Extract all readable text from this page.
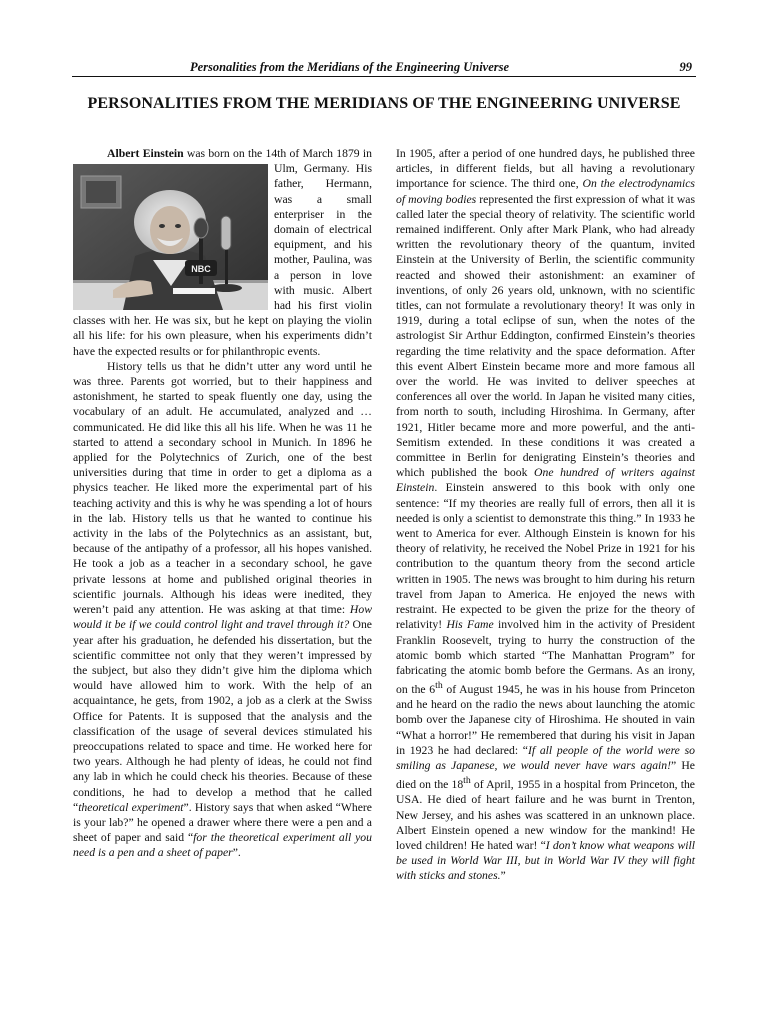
Personalities from the Meridians of the Engineering Universe	99
PERSONALITIES FROM THE MERIDIANS OF THE ENGINEERING UNIVERSE

Albert Einstein
NBC
was born on the 14th of March 1879 in Ulm, Germany. His father, Hermann, was a small enterpriser in the domain of electrical equipment, and his mother, Paulina, was a person in love with music. Albert had his first violin classes with her. He was six, but he kept on playing the violin all his life: for his own pleasure, when his experiments didn’t have the expected results or for philanthropic events.

History tells us that he didn’t utter any word until he was three. Parents got worried, but to their happiness and astonishment, he started to speak fluently one day, using the vocabulary of an adult. He accumulated, analyzed and … communicated. He did like this all his life. When he was 11 he started to attend a secondary school in Munich. In 1896 he applied for the Polytechnics of Zurich, one of the best universities during that time in order to get a diploma as a physics teacher. He liked more the experimental part of his teaching activity and this is why he was spending a lot of hours in the lab. History tells us that he wanted to continue his activity in the labs of the Polytechnics as an assistant, but, because of the antipathy of a professor, all his hopes vanished. He took a job as a teacher in a secondary school, he gave private lessons at home and published original theories in scientific journals. Although his ideas were inedited, they weren’t paid any attention. He was asking at that time: How would it be if we could control light and travel through it? One year after his graduation, he defended his dissertation, but the scientific committee not only that they weren’t impressed by the subject, but also they didn’t give him the diploma which would have allowed him to work. With the help of an acquaintance, he gets, from 1902, a job as a clerk at the Swiss Office for Patents. It is supposed that the analysis and the classification of the usage of several devices stimulated his preoccupations related to space and time. He worked here for two years. Although he had plenty of ideas, he could not find any lab in which he could check his theories. Because of these conditions, he had to develop a method that he called “theoretical experiment”. History says that when asked “Where is your lab?” he opened a drawer where there were a pen and a sheet of paper and said “for the theoretical experiment all you need is a pen and a sheet of paper”.

In 1905, after a period of one hundred days, he published three articles, in different fields, but all having a revolutionary importance for science. The third one, On the electrodynamics of moving bodies represented the first expression of what it was called later the special theory of relativity. The scientific world remained indifferent. Only after Mark Plank, who had already written the revolutionary theory of the quantum, invited Einstein at the University of Berlin, the scientific community reacted and showed their astonishment: an examiner of inventions, of only 26 years old, unknown, with no scientific titles, can not formulate a revolutionary theory! It was only in 1919, during a total eclipse of sun, when the notes of the astrologist Sir Arthur Eddington, confirmed Einstein’s theories regarding the time relativity and the space deformation. After this event Albert Einstein became more and more famous all over the world. He was invited to deliver speeches at conferences all over the world. In Japan he visited many cities, from north to south, including Hiroshima. In Germany, after 1921, Hitler became more and more powerful, and the anti-Semitism extended. In these conditions it was created a committee in Berlin for denigrating Einstein’s theories and which published the book One hundred of writers against Einstein. Einstein answered to this book with only one sentence: “If my theories are really full of errors, then all it is needed is only a scientist to demonstrate this thing.” In 1933 he went to America for ever. Although Einstein is known for his theory of relativity, he received the Nobel Prize in 1921 for his contribution to the quantum theory from the second article written in 1905. The news was brought to him during his return travel from Japan to America. He enjoyed the news with restraint. He expected to be given the prize for the theory of relativity! His Fame involved him in the activity of President Franklin Roosevelt, trying to hurry the construction of the atomic bomb which started “The Manhattan Program” for fabricating the atomic bomb before the Germans. As an irony, on the 6th of August 1945, he was in his house from Princeton and he heard on the radio the news about launching the atomic bomb over the Japanese city of Hiroshima. He shouted in vain “What a horror!” He remembered that during his visit in Japan in 1923 he had declared: “If all people of the world were so smiling as Japanese, we would never have wars again!” He died on the 18th of April, 1955 in a hospital from Princeton, the USA. He died of heart failure and he was burnt in Trenton, New Jersey, and his ashes was scattered in an unknown place. Albert Einstein opened a new window for the mankind! He loved children! He hated war! “I don’t know what weapons will be used in World War III, but in World War IV they will fight with sticks and stones.”
